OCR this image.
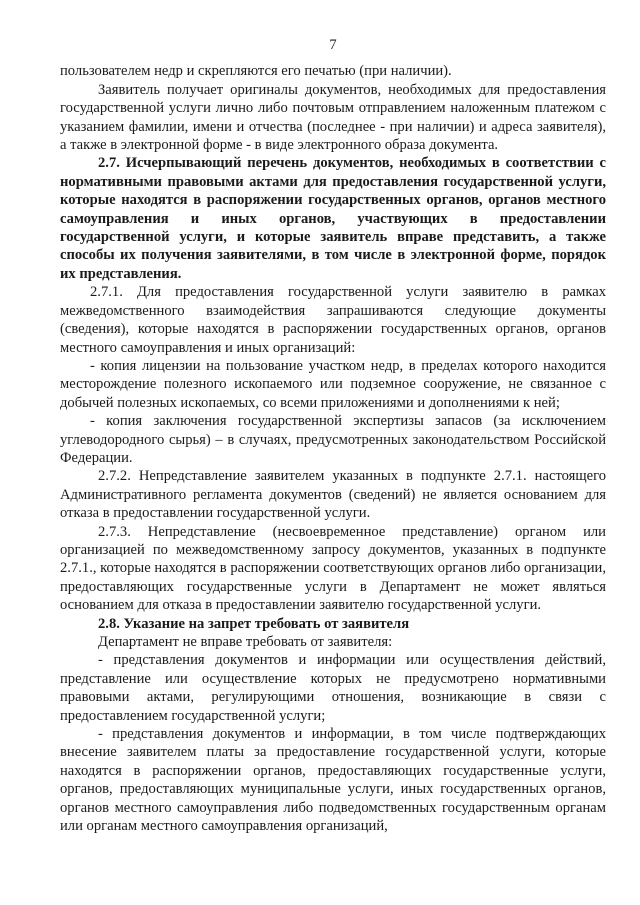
7

пользователем недр и скрепляются его печатью (при наличии).

Заявитель получает оригиналы документов, необходимых для предоставления государственной услуги лично либо почтовым отправлением наложенным платежом с указанием фамилии, имени и отчества (последнее - при наличии) и адреса заявителя), а также в электронной форме - в виде электронного образа документа.

2.7. Исчерпывающий перечень документов, необходимых в соответствии с нормативными правовыми актами для предоставления государственной услуги, которые находятся в распоряжении государственных органов, органов местного самоуправления и иных органов, участвующих в предоставлении государственной услуги, и которые заявитель вправе представить, а также способы их получения заявителями, в том числе в электронной форме, порядок их представления.

2.7.1. Для предоставления государственной услуги заявителю в рамках межведомственного взаимодействия запрашиваются следующие документы (сведения), которые находятся в распоряжении государственных органов, органов местного самоуправления и иных организаций:

- копия лицензии на пользование участком недр, в пределах которого находится месторождение полезного ископаемого или подземное сооружение, не связанное с добычей полезных ископаемых, со всеми приложениями и дополнениями к ней;

- копия заключения государственной экспертизы запасов (за исключением углеводородного сырья) – в случаях, предусмотренных законодательством Российской Федерации.

2.7.2. Непредставление заявителем указанных в подпункте 2.7.1. настоящего Административного регламента документов (сведений) не является основанием для отказа в предоставлении государственной услуги.

2.7.3. Непредставление (несвоевременное представление) органом или организацией по межведомственному запросу документов, указанных в подпункте 2.7.1., которые находятся в распоряжении соответствующих органов либо организации, предоставляющих государственные услуги в Департамент не может являться основанием для отказа в предоставлении заявителю государственной услуги.

2.8. Указание на запрет требовать от заявителя

Департамент не вправе требовать от заявителя:

- представления документов и информации или осуществления действий, представление или осуществление которых не предусмотрено нормативными правовыми актами, регулирующими отношения, возникающие в связи с предоставлением государственной услуги;

- представления документов и информации, в том числе подтверждающих внесение заявителем платы за предоставление государственной услуги, которые находятся в распоряжении органов, предоставляющих государственные услуги, органов, предоставляющих муниципальные услуги, иных государственных органов, органов местного самоуправления либо подведомственных государственным органам или органам местного самоуправления организаций,
